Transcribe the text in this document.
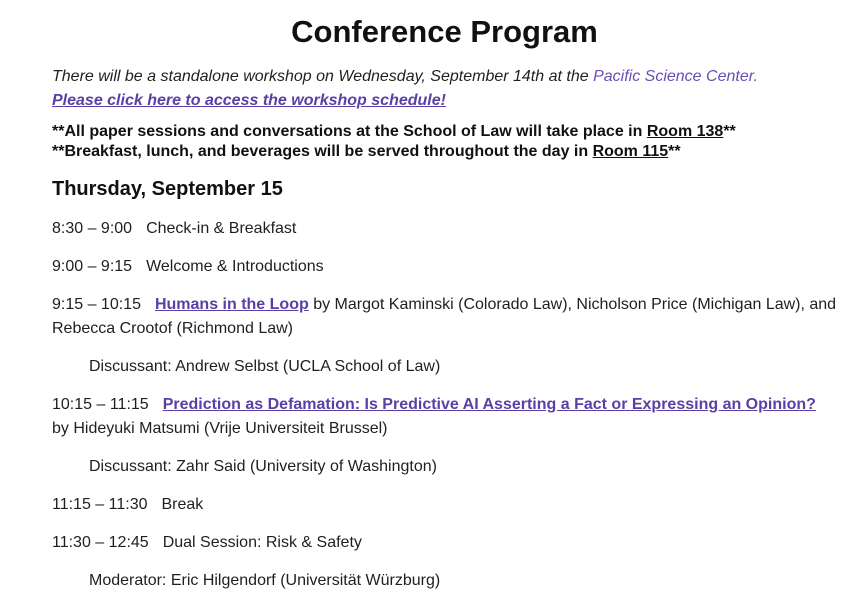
Conference Program
There will be a standalone workshop on Wednesday, September 14th at the Pacific Science Center.
Please click here to access the workshop schedule!
**All paper sessions and conversations at the School of Law will take place in Room 138**
**Breakfast, lunch, and beverages will be served throughout the day in Room 115**
Thursday, September 15
8:30 – 9:00 Check-in & Breakfast
9:00 – 9:15 Welcome & Introductions
9:15 – 10:15 Humans in the Loop by Margot Kaminski (Colorado Law), Nicholson Price (Michigan Law), and Rebecca Crootof (Richmond Law)
Discussant: Andrew Selbst (UCLA School of Law)
10:15 – 11:15 Prediction as Defamation: Is Predictive AI Asserting a Fact or Expressing an Opinion? by Hideyuki Matsumi (Vrije Universiteit Brussel)
Discussant: Zahr Said (University of Washington)
11:15 – 11:30 Break
11:30 – 12:45 Dual Session: Risk & Safety
Moderator: Eric Hilgendorf (Universität Würzburg)
